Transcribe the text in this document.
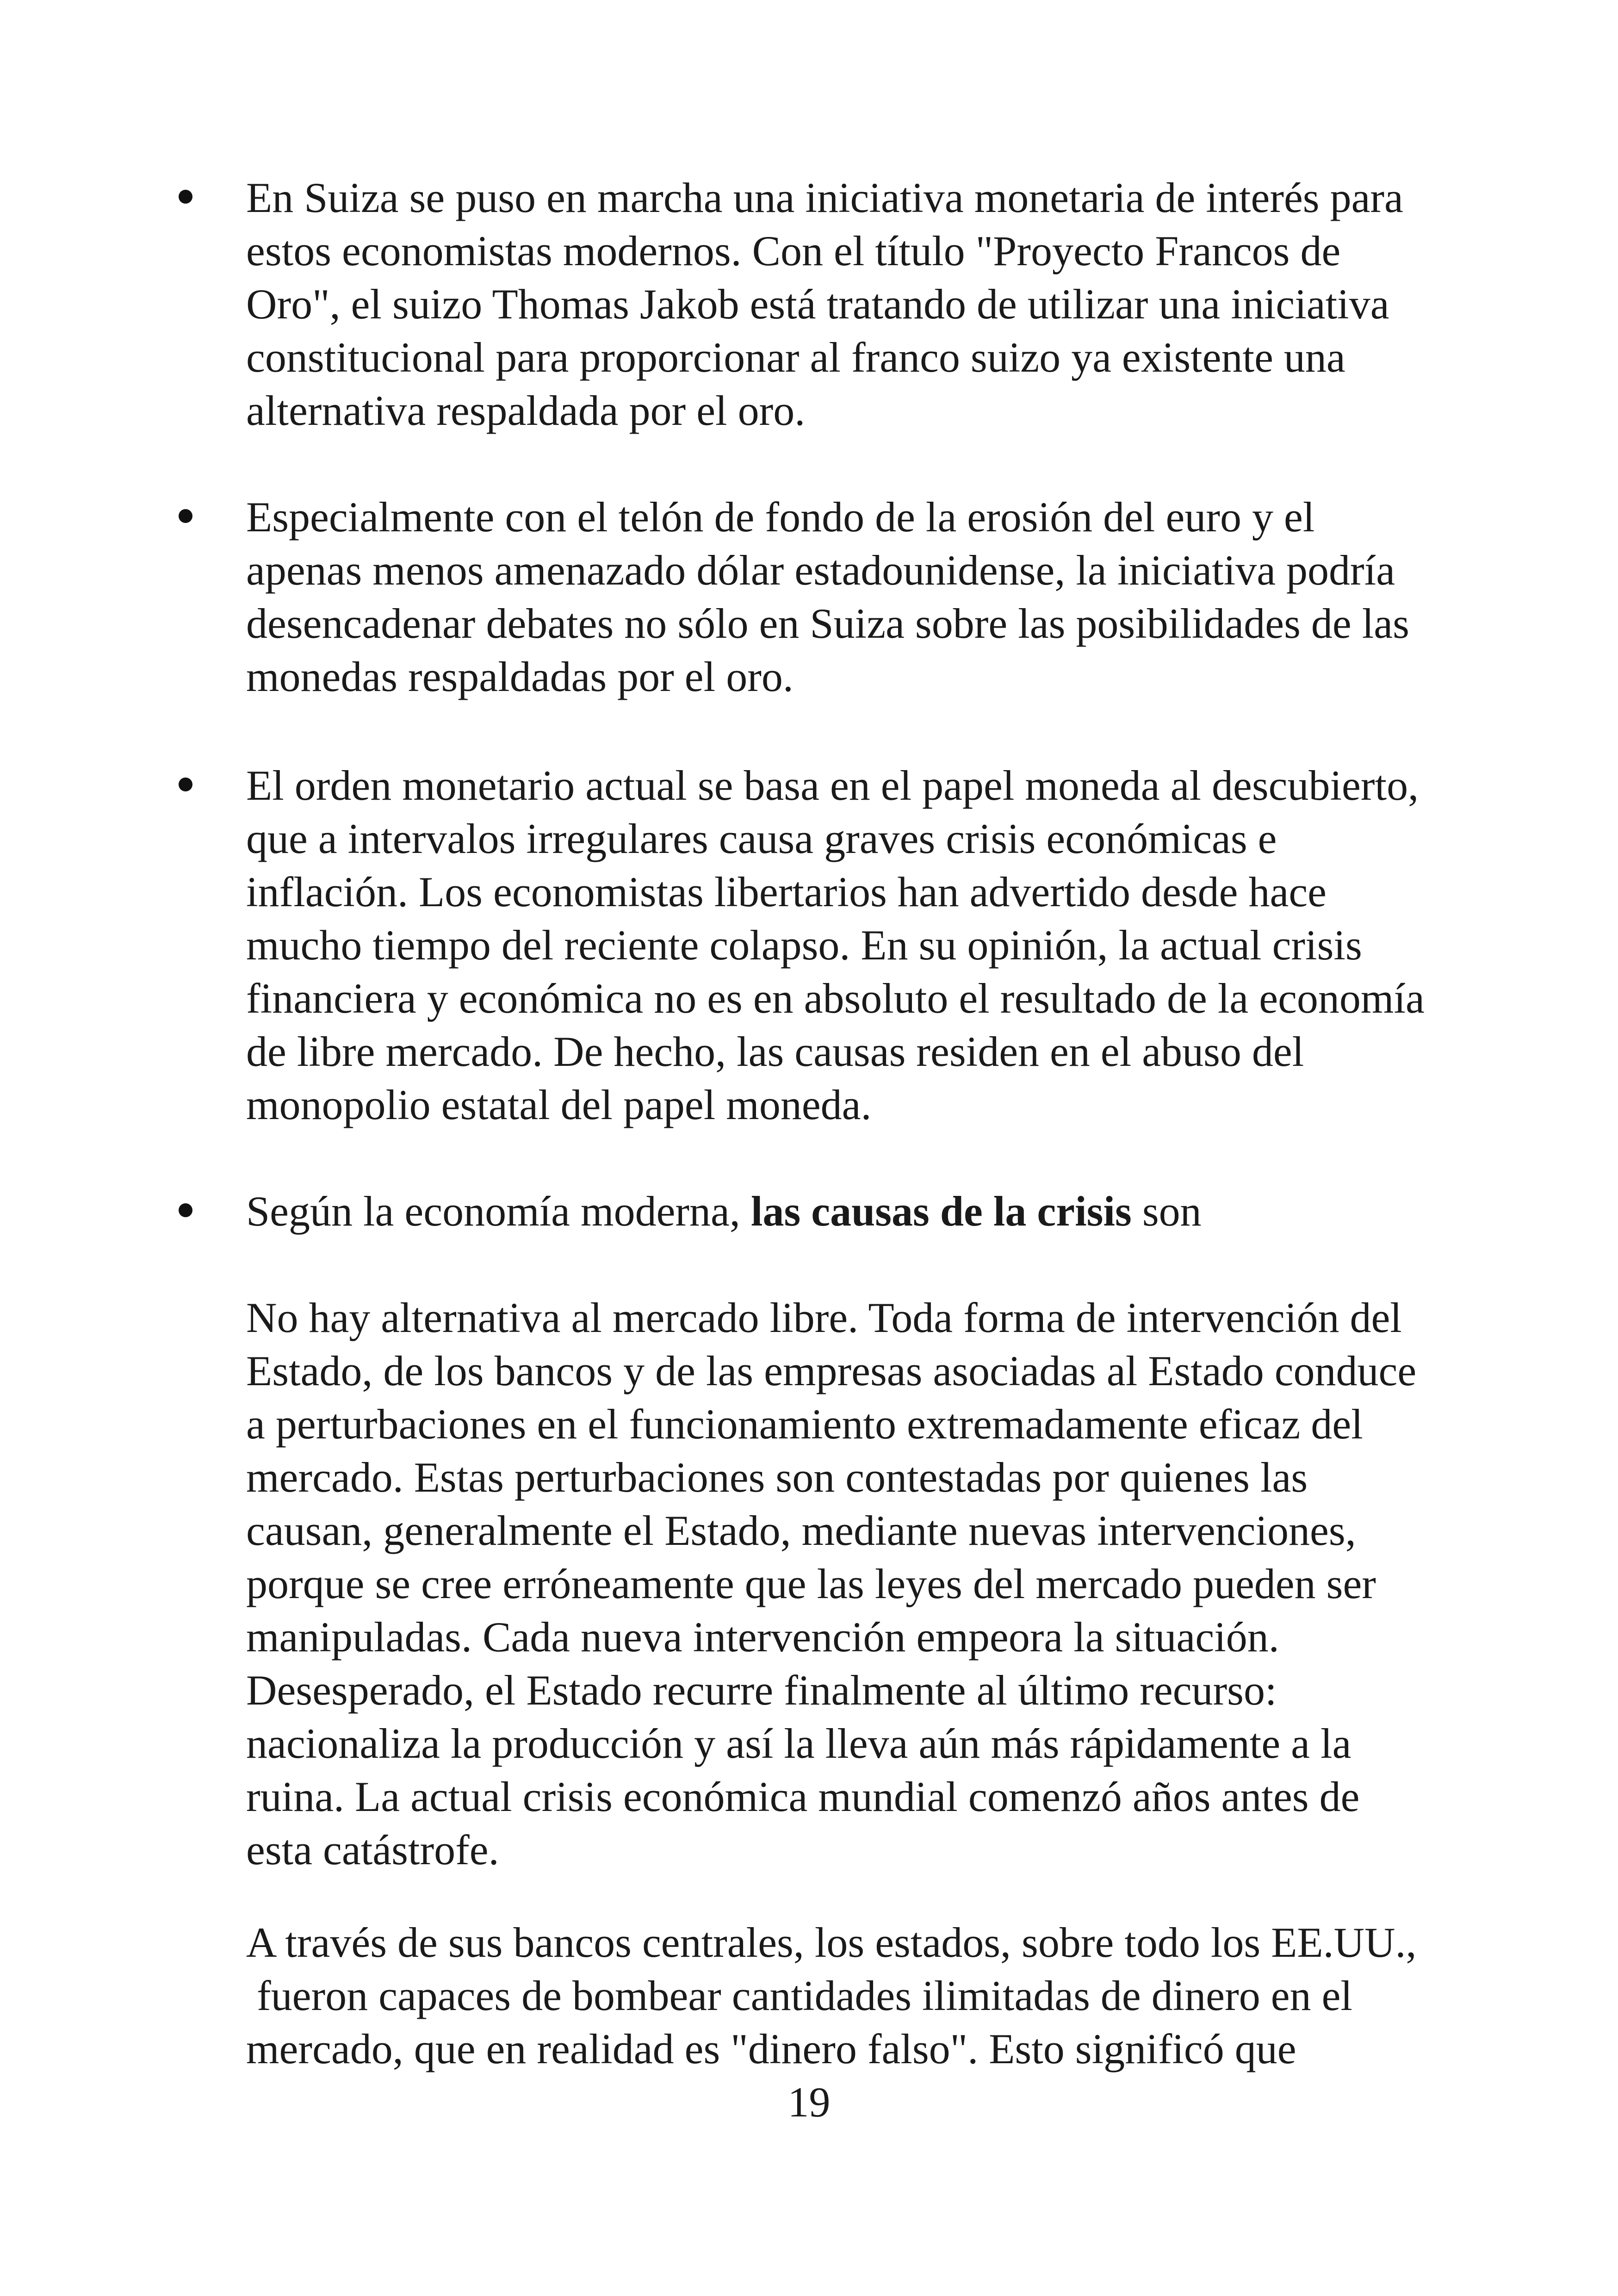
En Suiza se puso en marcha una iniciativa monetaria de interés para
estos economistas modernos. Con el título "Proyecto Francos de
Oro", el suizo Thomas Jakob está tratando de utilizar una iniciativa
constitucional para proporcionar al franco suizo ya existente una
alternativa respaldada por el oro.
Especialmente con el telón de fondo de la erosión del euro y el
apenas menos amenazado dólar estadounidense, la iniciativa podría
desencadenar debates no sólo en Suiza sobre las posibilidades de las
monedas respaldadas por el oro.
El orden monetario actual se basa en el papel moneda al descubierto,
que a intervalos irregulares causa graves crisis económicas e
inflación. Los economistas libertarios han advertido desde hace
mucho tiempo del reciente colapso. En su opinión, la actual crisis
financiera y económica no es en absoluto el resultado de la economía
de libre mercado. De hecho, las causas residen en el abuso del
monopolio estatal del papel moneda.
Según la economía moderna, las causas de la crisis son
No hay alternativa al mercado libre. Toda forma de intervención del
Estado, de los bancos y de las empresas asociadas al Estado conduce
a perturbaciones en el funcionamiento extremadamente eficaz del
mercado. Estas perturbaciones son contestadas por quienes las
causan, generalmente el Estado, mediante nuevas intervenciones,
porque se cree erróneamente que las leyes del mercado pueden ser
manipuladas. Cada nueva intervención empeora la situación.
Desesperado, el Estado recurre finalmente al último recurso:
nacionaliza la producción y así la lleva aún más rápidamente a la
ruina. La actual crisis económica mundial comenzó años antes de
esta catástrofe.
A través de sus bancos centrales, los estados, sobre todo los EE.UU.,
fueron capaces de bombear cantidades ilimitadas de dinero en el
mercado, que en realidad es "dinero falso". Esto significó que
19
